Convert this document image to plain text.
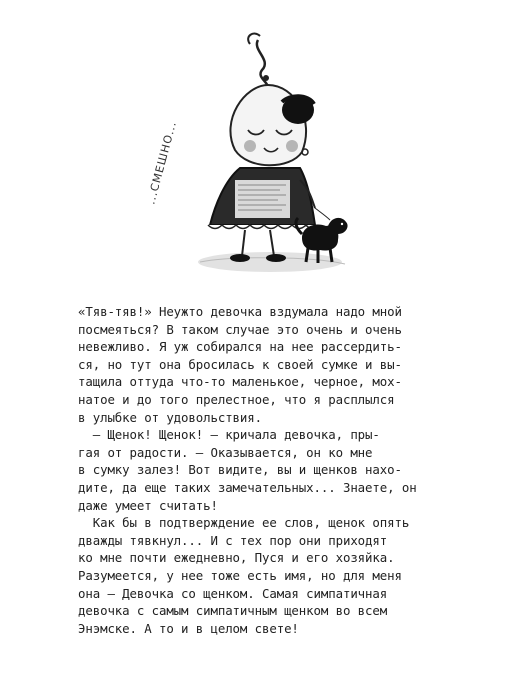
...СМЕШНО...
«Тяв-тяв!» Неужто девочка вздумала надо мной
посмеяться? В таком случае это очень и очень
невежливо. Я уж собирался на нее рассердить-
ся, но тут она бросилась к своей сумке и вы-
тащила оттуда что-то маленькое, черное, мох-
натое и до того прелестное, что я расплылся
в улыбке от удовольствия.
— Щенок! Щенок! — кричала девочка, пры-
гая от радости. — Оказывается, он ко мне
в сумку залез! Вот видите, вы и щенков нахо-
дите, да еще таких замечательных... Знаете, он
даже умеет считать!
Как бы в подтверждение ее слов, щенок опять
дважды тявкнул... И с тех пор они приходят
ко мне почти ежедневно, Пуся и его хозяйка.
Разумеется, у нее тоже есть имя, но для меня
она — Девочка со щенком. Самая симпатичная
девочка с самым симпатичным щенком во всем
Энэмске. А то и в целом свете!
